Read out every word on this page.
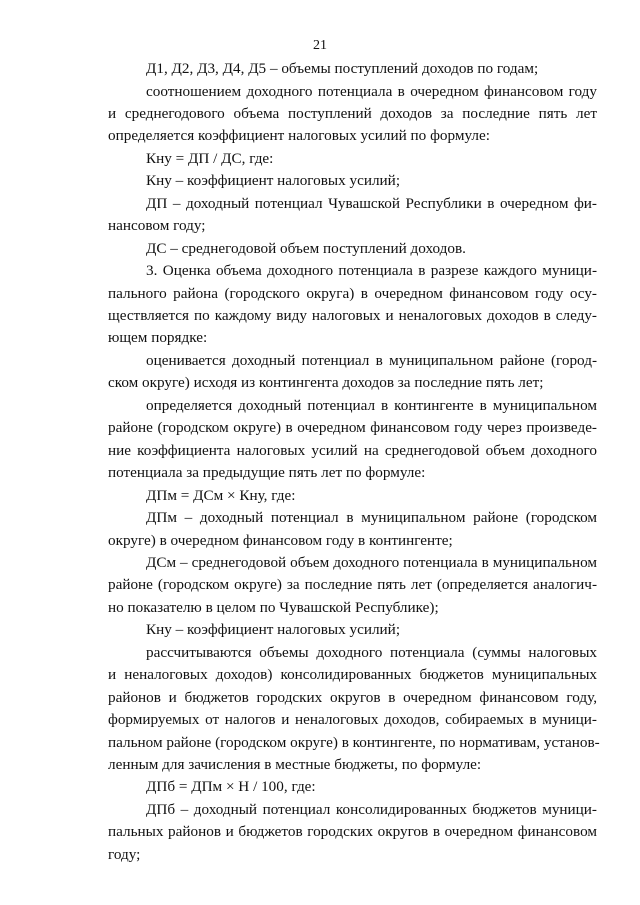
21
Д1, Д2, Д3, Д4, Д5 – объемы поступлений доходов по годам;
соотношением доходного потенциала в очередном финансовом году
и среднегодового объема поступлений доходов за последние пять лет
определяется коэффициент налоговых усилий по формуле:
Кну = ДП / ДС, где:
Кну – коэффициент налоговых усилий;
ДП – доходный потенциал Чувашской Республики в очередном фи-
нансовом году;
ДС – среднегодовой объем поступлений доходов.
3. Оценка объема доходного потенциала в разрезе каждого муници-
пального района (городского округа) в очередном финансовом году осу-
ществляется по каждому виду налоговых и неналоговых доходов в следу-
ющем порядке:
оценивается доходный потенциал в муниципальном районе (город-
ском округе) исходя из контингента доходов за последние пять лет;
определяется доходный потенциал в контингенте в муниципальном
районе (городском округе) в очередном финансовом году через произведе-
ние коэффициента налоговых усилий на среднегодовой объем доходного
потенциала за предыдущие пять лет по формуле:
ДПм = ДСм × Кну, где:
ДПм – доходный потенциал в муниципальном районе (городском
округе) в очередном финансовом году в контингенте;
ДСм – среднегодовой объем доходного потенциала в муниципальном
районе (городском округе) за последние пять лет (определяется аналогич-
но показателю в целом по Чувашской Республике);
Кну – коэффициент налоговых усилий;
рассчитываются объемы доходного потенциала (суммы налоговых
и неналоговых доходов) консолидированных бюджетов муниципальных
районов и бюджетов городских округов в очередном финансовом году,
формируемых от налогов и неналоговых доходов, собираемых в муници-
пальном районе (городском округе) в контингенте, по нормативам, установ-
ленным для зачисления в местные бюджеты, по формуле:
ДПб = ДПм × Н / 100, где:
ДПб – доходный потенциал консолидированных бюджетов муници-
пальных районов и бюджетов городских округов в очередном финансовом
году;
